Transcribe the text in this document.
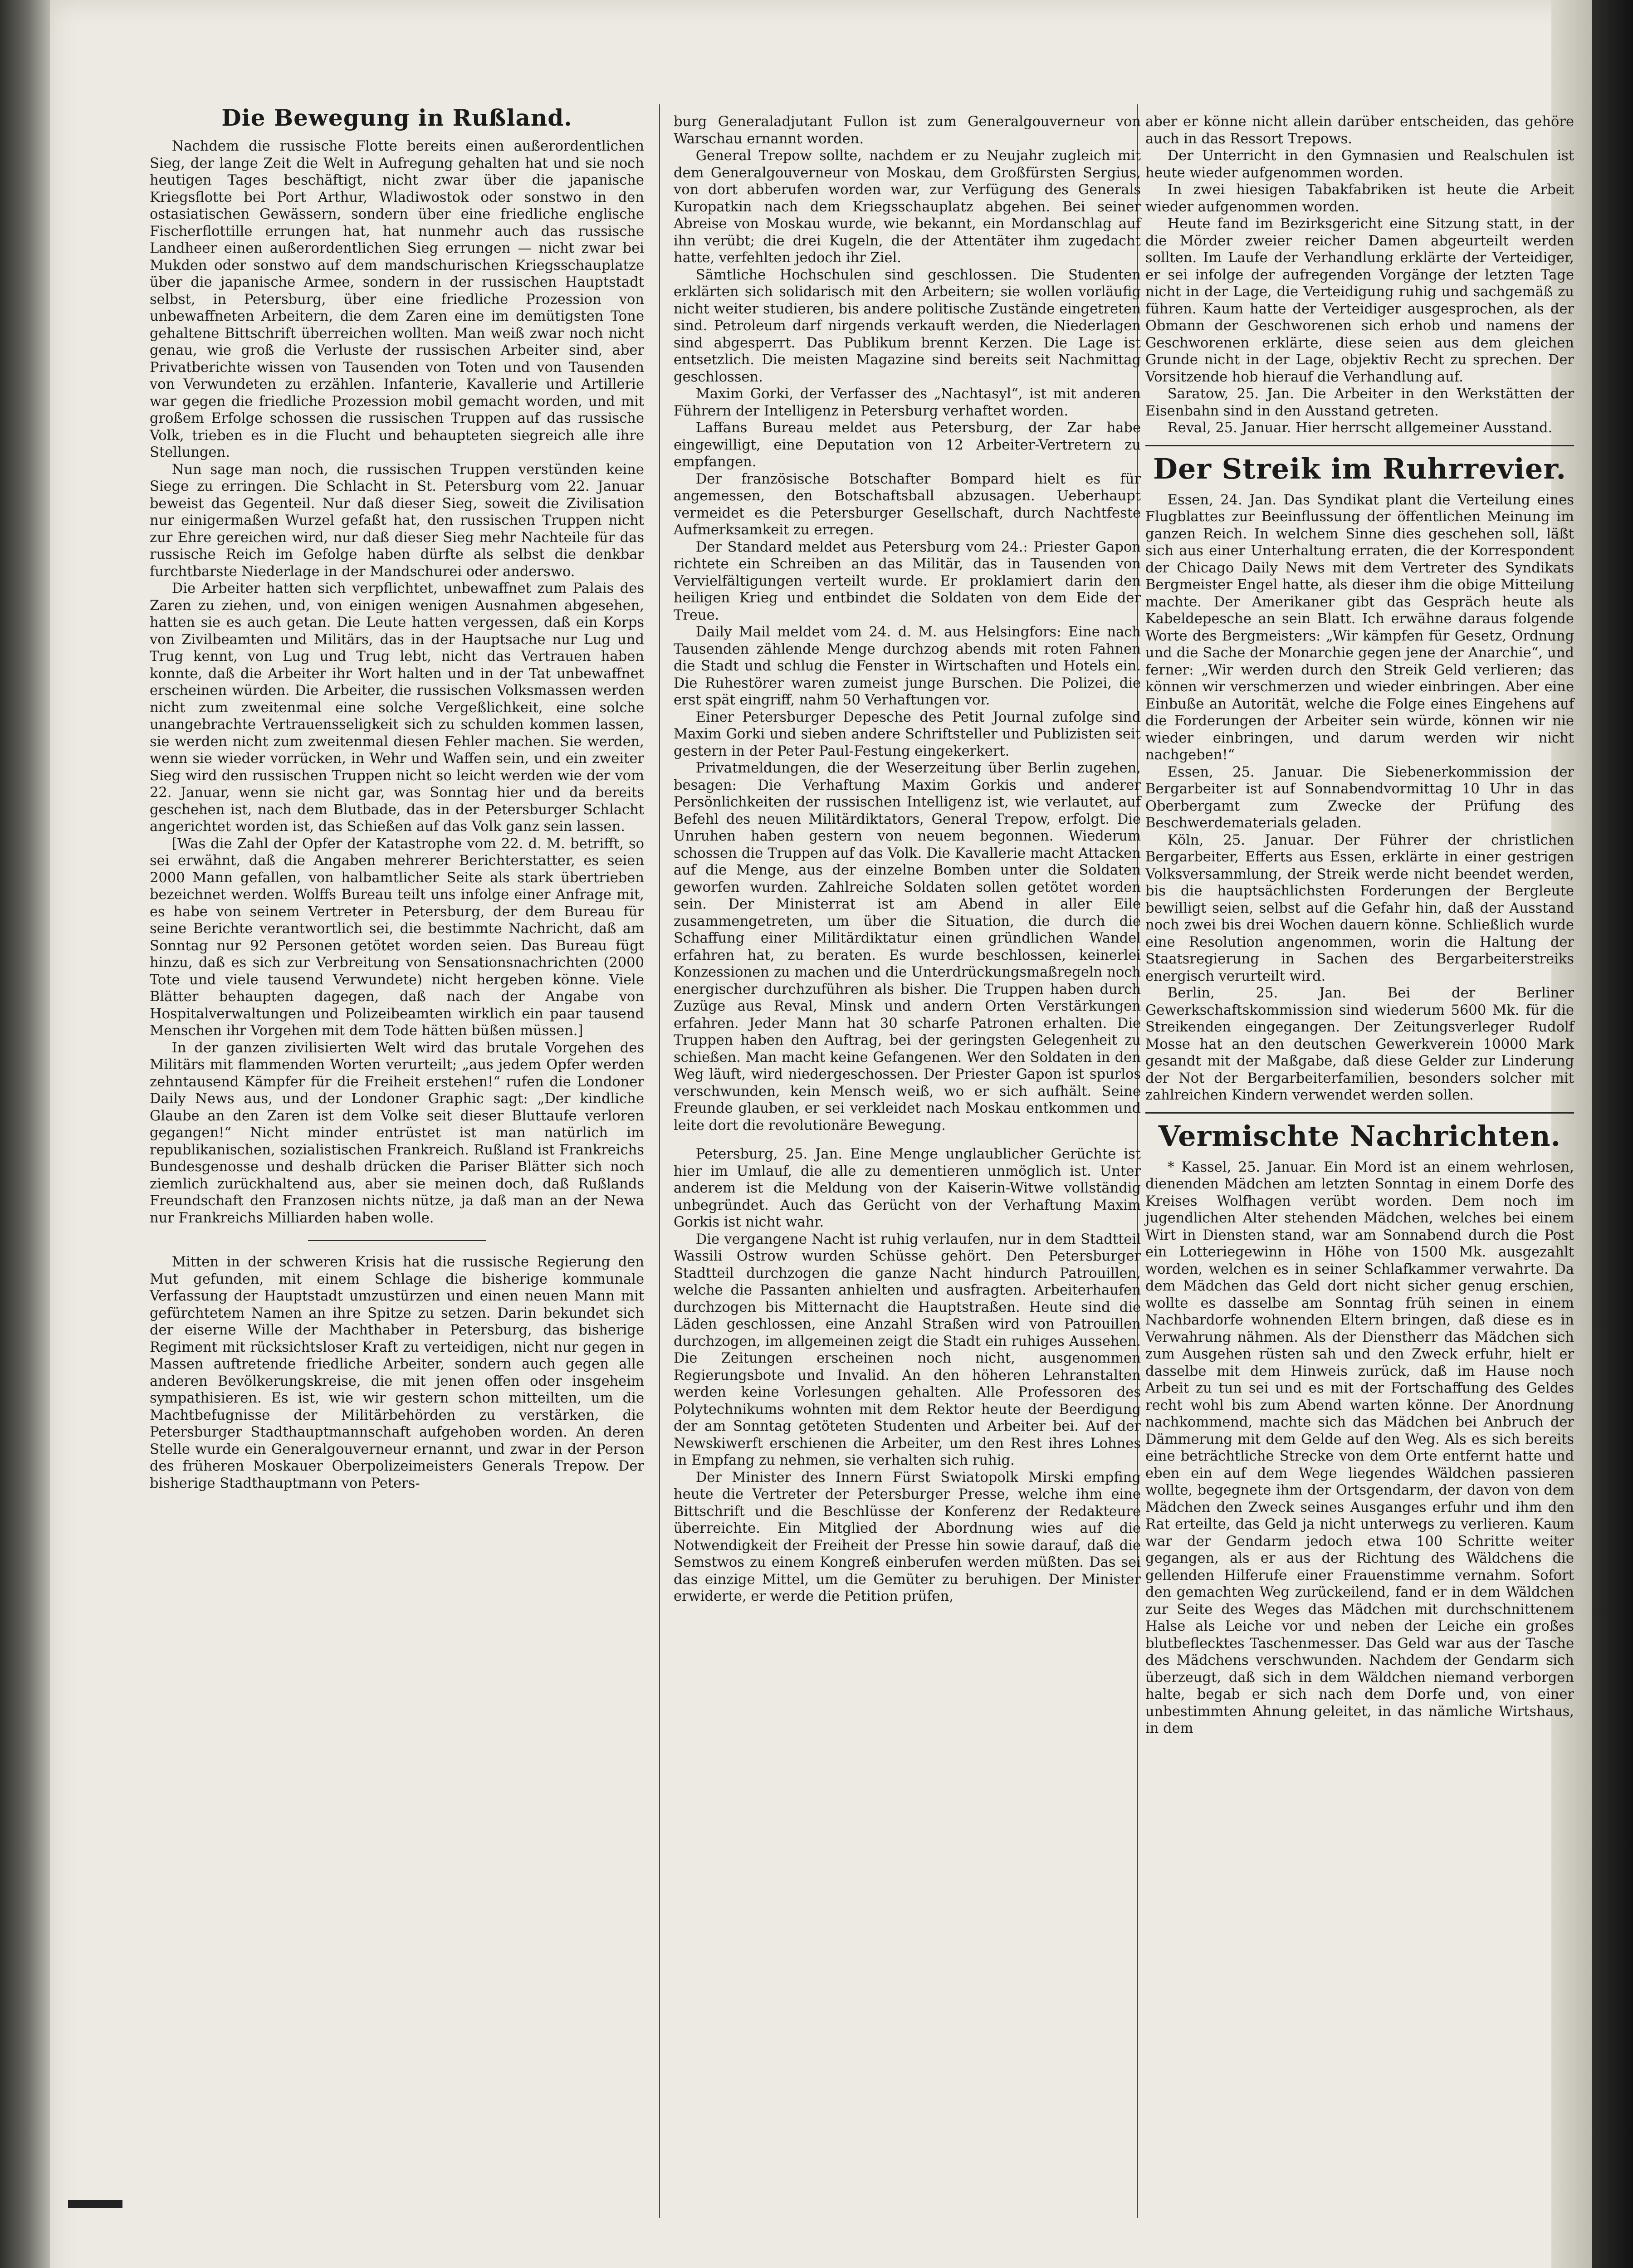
Die Bewegung in Rußland.

Nachdem die russische Flotte bereits einen außerordentlichen Sieg, der lange Zeit die Welt in Aufregung gehalten hat und sie noch heutigen Tages beschäftigt, nicht zwar über die japanische Kriegsflotte bei Port Arthur, Wladiwostok oder sonstwo in den ostasiatischen Gewässern, sondern über eine friedliche englische Fischerflottille errungen hat, hat nunmehr auch das russische Landheer einen außerordentlichen Sieg errungen — nicht zwar bei Mukden oder sonstwo auf dem mandschurischen Kriegsschauplatze über die japanische Armee, sondern in der russischen Hauptstadt selbst, in Petersburg, über eine friedliche Prozession von unbewaffneten Arbeitern, die dem Zaren eine im demütigsten Tone gehaltene Bittschrift überreichen wollten. Man weiß zwar noch nicht genau, wie groß die Verluste der russischen Arbeiter sind, aber Privatberichte wissen von Tausenden von Toten und von Tausenden von Verwundeten zu erzählen. Infanterie, Kavallerie und Artillerie war gegen die friedliche Prozession mobil gemacht worden, und mit großem Erfolge schossen die russischen Truppen auf das russische Volk, trieben es in die Flucht und behaupteten siegreich alle ihre Stellungen.

Nun sage man noch, die russischen Truppen verstünden keine Siege zu erringen. Die Schlacht in St. Petersburg vom 22. Januar beweist das Gegenteil. Nur daß dieser Sieg, soweit die Zivilisation nur einigermaßen Wurzel gefaßt hat, den russischen Truppen nicht zur Ehre gereichen wird, nur daß dieser Sieg mehr Nachteile für das russische Reich im Gefolge haben dürfte als selbst die denkbar furchtbarste Niederlage in der Mandschurei oder anderswo.

Die Arbeiter hatten sich verpflichtet, unbewaffnet zum Palais des Zaren zu ziehen, und, von einigen wenigen Ausnahmen abgesehen, hatten sie es auch getan. Die Leute hatten vergessen, daß ein Korps von Zivilbeamten und Militärs, das in der Hauptsache nur Lug und Trug kennt, von Lug und Trug lebt, nicht das Vertrauen haben konnte, daß die Arbeiter ihr Wort halten und in der Tat unbewaffnet erscheinen würden. Die Arbeiter, die russischen Volksmassen werden nicht zum zweitenmal eine solche Vergeßlichkeit, eine solche unangebrachte Vertrauensseligkeit sich zu schulden kommen lassen, sie werden nicht zum zweitenmal diesen Fehler machen. Sie werden, wenn sie wieder vorrücken, in Wehr und Waffen sein, und ein zweiter Sieg wird den russischen Truppen nicht so leicht werden wie der vom 22. Januar, wenn sie nicht gar, was Sonntag hier und da bereits geschehen ist, nach dem Blutbade, das in der Petersburger Schlacht angerichtet worden ist, das Schießen auf das Volk ganz sein lassen.

[Was die Zahl der Opfer der Katastrophe vom 22. d. M. betrifft, so sei erwähnt, daß die Angaben mehrerer Berichterstatter, es seien 2000 Mann gefallen, von halbamtlicher Seite als stark übertrieben bezeichnet werden. Wolffs Bureau teilt uns infolge einer Anfrage mit, es habe von seinem Vertreter in Petersburg, der dem Bureau für seine Berichte verantwortlich sei, die bestimmte Nachricht, daß am Sonntag nur 92 Personen getötet worden seien. Das Bureau fügt hinzu, daß es sich zur Verbreitung von Sensationsnachrichten (2000 Tote und viele tausend Verwundete) nicht hergeben könne. Viele Blätter behaupten dagegen, daß nach der Angabe von Hospitalverwaltungen und Polizeibeamten wirklich ein paar tausend Menschen ihr Vorgehen mit dem Tode hätten büßen müssen.]

In der ganzen zivilisierten Welt wird das brutale Vorgehen des Militärs mit flammenden Worten verurteilt; „aus jedem Opfer werden zehntausend Kämpfer für die Freiheit erstehen!“ rufen die Londoner Daily News aus, und der Londoner Graphic sagt: „Der kindliche Glaube an den Zaren ist dem Volke seit dieser Bluttaufe verloren gegangen!“ Nicht minder entrüstet ist man natürlich im republikanischen, sozialistischen Frankreich. Rußland ist Frankreichs Bundesgenosse und deshalb drücken die Pariser Blätter sich noch ziemlich zurückhaltend aus, aber sie meinen doch, daß Rußlands Freundschaft den Franzosen nichts nütze, ja daß man an der Newa nur Frankreichs Milliarden haben wolle.

Mitten in der schweren Krisis hat die russische Regierung den Mut gefunden, mit einem Schlage die bisherige kommunale Verfassung der Hauptstadt umzustürzen und einen neuen Mann mit gefürchtetem Namen an ihre Spitze zu setzen. Darin bekundet sich der eiserne Wille der Machthaber in Petersburg, das bisherige Regiment mit rücksichtsloser Kraft zu verteidigen, nicht nur gegen in Massen auftretende friedliche Arbeiter, sondern auch gegen alle anderen Bevölkerungskreise, die mit jenen offen oder insgeheim sympathisieren. Es ist, wie wir gestern schon mitteilten, um die Machtbefugnisse der Militärbehörden zu verstärken, die Petersburger Stadthauptmannschaft aufgehoben worden. An deren Stelle wurde ein Generalgouverneur ernannt, und zwar in der Person des früheren Moskauer Oberpolizeimeisters Generals Trepow. Der bisherige Stadthauptmann von Peters-

burg Generaladjutant Fullon ist zum Generalgouverneur von Warschau ernannt worden.

General Trepow sollte, nachdem er zu Neujahr zugleich mit dem Generalgouverneur von Moskau, dem Großfürsten Sergius, von dort abberufen worden war, zur Verfügung des Generals Kuropatkin nach dem Kriegsschauplatz abgehen. Bei seiner Abreise von Moskau wurde, wie bekannt, ein Mordanschlag auf ihn verübt; die drei Kugeln, die der Attentäter ihm zugedacht hatte, verfehlten jedoch ihr Ziel.

Sämtliche Hochschulen sind geschlossen. Die Studenten erklärten sich solidarisch mit den Arbeitern; sie wollen vorläufig nicht weiter studieren, bis andere politische Zustände eingetreten sind. Petroleum darf nirgends verkauft werden, die Niederlagen sind abgesperrt. Das Publikum brennt Kerzen. Die Lage ist entsetzlich. Die meisten Magazine sind bereits seit Nachmittag geschlossen.

Maxim Gorki, der Verfasser des „Nachtasyl“, ist mit anderen Führern der Intelligenz in Petersburg verhaftet worden.

Laffans Bureau meldet aus Petersburg, der Zar habe eingewilligt, eine Deputation von 12 Arbeiter-Vertretern zu empfangen.

Der französische Botschafter Bompard hielt es für angemessen, den Botschaftsball abzusagen. Ueberhaupt vermeidet es die Petersburger Gesellschaft, durch Nachtfeste Aufmerksamkeit zu erregen.

Der Standard meldet aus Petersburg vom 24.: Priester Gapon richtete ein Schreiben an das Militär, das in Tausenden von Vervielfältigungen verteilt wurde. Er proklamiert darin den heiligen Krieg und entbindet die Soldaten von dem Eide der Treue.

Daily Mail meldet vom 24. d. M. aus Helsingfors: Eine nach Tausenden zählende Menge durchzog abends mit roten Fahnen die Stadt und schlug die Fenster in Wirtschaften und Hotels ein. Die Ruhestörer waren zumeist junge Burschen. Die Polizei, die erst spät eingriff, nahm 50 Verhaftungen vor.

Einer Petersburger Depesche des Petit Journal zufolge sind Maxim Gorki und sieben andere Schriftsteller und Publizisten seit gestern in der Peter Paul-Festung eingekerkert.

Privatmeldungen, die der Weserzeitung über Berlin zugehen, besagen: Die Verhaftung Maxim Gorkis und anderer Persönlichkeiten der russischen Intelligenz ist, wie verlautet, auf Befehl des neuen Militärdiktators, General Trepow, erfolgt. Die Unruhen haben gestern von neuem begonnen. Wiederum schossen die Truppen auf das Volk. Die Kavallerie macht Attacken auf die Menge, aus der einzelne Bomben unter die Soldaten geworfen wurden. Zahlreiche Soldaten sollen getötet worden sein. Der Ministerrat ist am Abend in aller Eile zusammengetreten, um über die Situation, die durch die Schaffung einer Militärdiktatur einen gründlichen Wandel erfahren hat, zu beraten. Es wurde beschlossen, keinerlei Konzessionen zu machen und die Unterdrückungsmaßregeln noch energischer durchzuführen als bisher. Die Truppen haben durch Zuzüge aus Reval, Minsk und andern Orten Verstärkungen erfahren. Jeder Mann hat 30 scharfe Patronen erhalten. Die Truppen haben den Auftrag, bei der geringsten Gelegenheit zu schießen. Man macht keine Gefangenen. Wer den Soldaten in den Weg läuft, wird niedergeschossen. Der Priester Gapon ist spurlos verschwunden, kein Mensch weiß, wo er sich aufhält. Seine Freunde glauben, er sei verkleidet nach Moskau entkommen und leite dort die revolutionäre Bewegung.

Petersburg, 25. Jan. Eine Menge unglaublicher Gerüchte ist hier im Umlauf, die alle zu dementieren unmöglich ist. Unter anderem ist die Meldung von der Kaiserin-Witwe vollständig unbegründet. Auch das Gerücht von der Verhaftung Maxim Gorkis ist nicht wahr.

Die vergangene Nacht ist ruhig verlaufen, nur in dem Stadtteil Wassili Ostrow wurden Schüsse gehört. Den Petersburger Stadtteil durchzogen die ganze Nacht hindurch Patrouillen, welche die Passanten anhielten und ausfragten. Arbeiterhaufen durchzogen bis Mitternacht die Hauptstraßen. Heute sind die Läden geschlossen, eine Anzahl Straßen wird von Patrouillen durchzogen, im allgemeinen zeigt die Stadt ein ruhiges Aussehen. Die Zeitungen erscheinen noch nicht, ausgenommen Regierungsbote und Invalid. An den höheren Lehranstalten werden keine Vorlesungen gehalten. Alle Professoren des Polytechnikums wohnten mit dem Rektor heute der Beerdigung der am Sonntag getöteten Studenten und Arbeiter bei. Auf der Newskiwerft erschienen die Arbeiter, um den Rest ihres Lohnes in Empfang zu nehmen, sie verhalten sich ruhig.

Der Minister des Innern Fürst Swiatopolk Mirski empfing heute die Vertreter der Petersburger Presse, welche ihm eine Bittschrift und die Beschlüsse der Konferenz der Redakteure überreichte. Ein Mitglied der Abordnung wies auf die Notwendigkeit der Freiheit der Presse hin sowie darauf, daß die Semstwos zu einem Kongreß einberufen werden müßten. Das sei das einzige Mittel, um die Gemüter zu beruhigen. Der Minister erwiderte, er werde die Petition prüfen,

aber er könne nicht allein darüber entscheiden, das gehöre auch in das Ressort Trepows.

Der Unterricht in den Gymnasien und Realschulen ist heute wieder aufgenommen worden.

In zwei hiesigen Tabakfabriken ist heute die Arbeit wieder aufgenommen worden.

Heute fand im Bezirksgericht eine Sitzung statt, in der die Mörder zweier reicher Damen abgeurteilt werden sollten. Im Laufe der Verhandlung erklärte der Verteidiger, er sei infolge der aufregenden Vorgänge der letzten Tage nicht in der Lage, die Verteidigung ruhig und sachgemäß zu führen. Kaum hatte der Verteidiger ausgesprochen, als der Obmann der Geschworenen sich erhob und namens der Geschworenen erklärte, diese seien aus dem gleichen Grunde nicht in der Lage, objektiv Recht zu sprechen. Der Vorsitzende hob hierauf die Verhandlung auf.

Saratow, 25. Jan. Die Arbeiter in den Werkstätten der Eisenbahn sind in den Ausstand getreten.

Reval, 25. Januar. Hier herrscht allgemeiner Ausstand.

Der Streik im Ruhrrevier.

Essen, 24. Jan. Das Syndikat plant die Verteilung eines Flugblattes zur Beeinflussung der öffentlichen Meinung im ganzen Reich. In welchem Sinne dies geschehen soll, läßt sich aus einer Unterhaltung erraten, die der Korrespondent der Chicago Daily News mit dem Vertreter des Syndikats Bergmeister Engel hatte, als dieser ihm die obige Mitteilung machte. Der Amerikaner gibt das Gespräch heute als Kabeldepesche an sein Blatt. Ich erwähne daraus folgende Worte des Bergmeisters: „Wir kämpfen für Gesetz, Ordnung und die Sache der Monarchie gegen jene der Anarchie“, und ferner: „Wir werden durch den Streik Geld verlieren; das können wir verschmerzen und wieder einbringen. Aber eine Einbuße an Autorität, welche die Folge eines Eingehens auf die Forderungen der Arbeiter sein würde, können wir nie wieder einbringen, und darum werden wir nicht nachgeben!“

Essen, 25. Januar. Die Siebenerkommission der Bergarbeiter ist auf Sonnabendvormittag 10 Uhr in das Oberbergamt zum Zwecke der Prüfung des Beschwerdematerials geladen.

Köln, 25. Januar. Der Führer der christlichen Bergarbeiter, Efferts aus Essen, erklärte in einer gestrigen Volksversammlung, der Streik werde nicht beendet werden, bis die hauptsächlichsten Forderungen der Bergleute bewilligt seien, selbst auf die Gefahr hin, daß der Ausstand noch zwei bis drei Wochen dauern könne. Schließlich wurde eine Resolution angenommen, worin die Haltung der Staatsregierung in Sachen des Bergarbeiterstreiks energisch verurteilt wird.

Berlin, 25. Jan. Bei der Berliner Gewerkschaftskommission sind wiederum 5600 Mk. für die Streikenden eingegangen. Der Zeitungsverleger Rudolf Mosse hat an den deutschen Gewerkverein 10000 Mark gesandt mit der Maßgabe, daß diese Gelder zur Linderung der Not der Bergarbeiterfamilien, besonders solcher mit zahlreichen Kindern verwendet werden sollen.

Vermischte Nachrichten.

* Kassel, 25. Januar. Ein Mord ist an einem wehrlosen, dienenden Mädchen am letzten Sonntag in einem Dorfe des Kreises Wolfhagen verübt worden. Dem noch im jugendlichen Alter stehenden Mädchen, welches bei einem Wirt in Diensten stand, war am Sonnabend durch die Post ein Lotteriegewinn in Höhe von 1500 Mk. ausgezahlt worden, welchen es in seiner Schlafkammer verwahrte. Da dem Mädchen das Geld dort nicht sicher genug erschien, wollte es dasselbe am Sonntag früh seinen in einem Nachbardorfe wohnenden Eltern bringen, daß diese es in Verwahrung nähmen. Als der Dienstherr das Mädchen sich zum Ausgehen rüsten sah und den Zweck erfuhr, hielt er dasselbe mit dem Hinweis zurück, daß im Hause noch Arbeit zu tun sei und es mit der Fortschaffung des Geldes recht wohl bis zum Abend warten könne. Der Anordnung nachkommend, machte sich das Mädchen bei Anbruch der Dämmerung mit dem Gelde auf den Weg. Als es sich bereits eine beträchtliche Strecke von dem Orte entfernt hatte und eben ein auf dem Wege liegendes Wäldchen passieren wollte, begegnete ihm der Ortsgendarm, der davon von dem Mädchen den Zweck seines Ausganges erfuhr und ihm den Rat erteilte, das Geld ja nicht unterwegs zu verlieren. Kaum war der Gendarm jedoch etwa 100 Schritte weiter gegangen, als er aus der Richtung des Wäldchens die gellenden Hilferufe einer Frauenstimme vernahm. Sofort den gemachten Weg zurückeilend, fand er in dem Wäldchen zur Seite des Weges das Mädchen mit durchschnittenem Halse als Leiche vor und neben der Leiche ein großes blutbeflecktes Taschenmesser. Das Geld war aus der Tasche des Mädchens verschwunden. Nachdem der Gendarm sich überzeugt, daß sich in dem Wäldchen niemand verborgen halte, begab er sich nach dem Dorfe und, von einer unbestimmten Ahnung geleitet, in das nämliche Wirtshaus, in dem
